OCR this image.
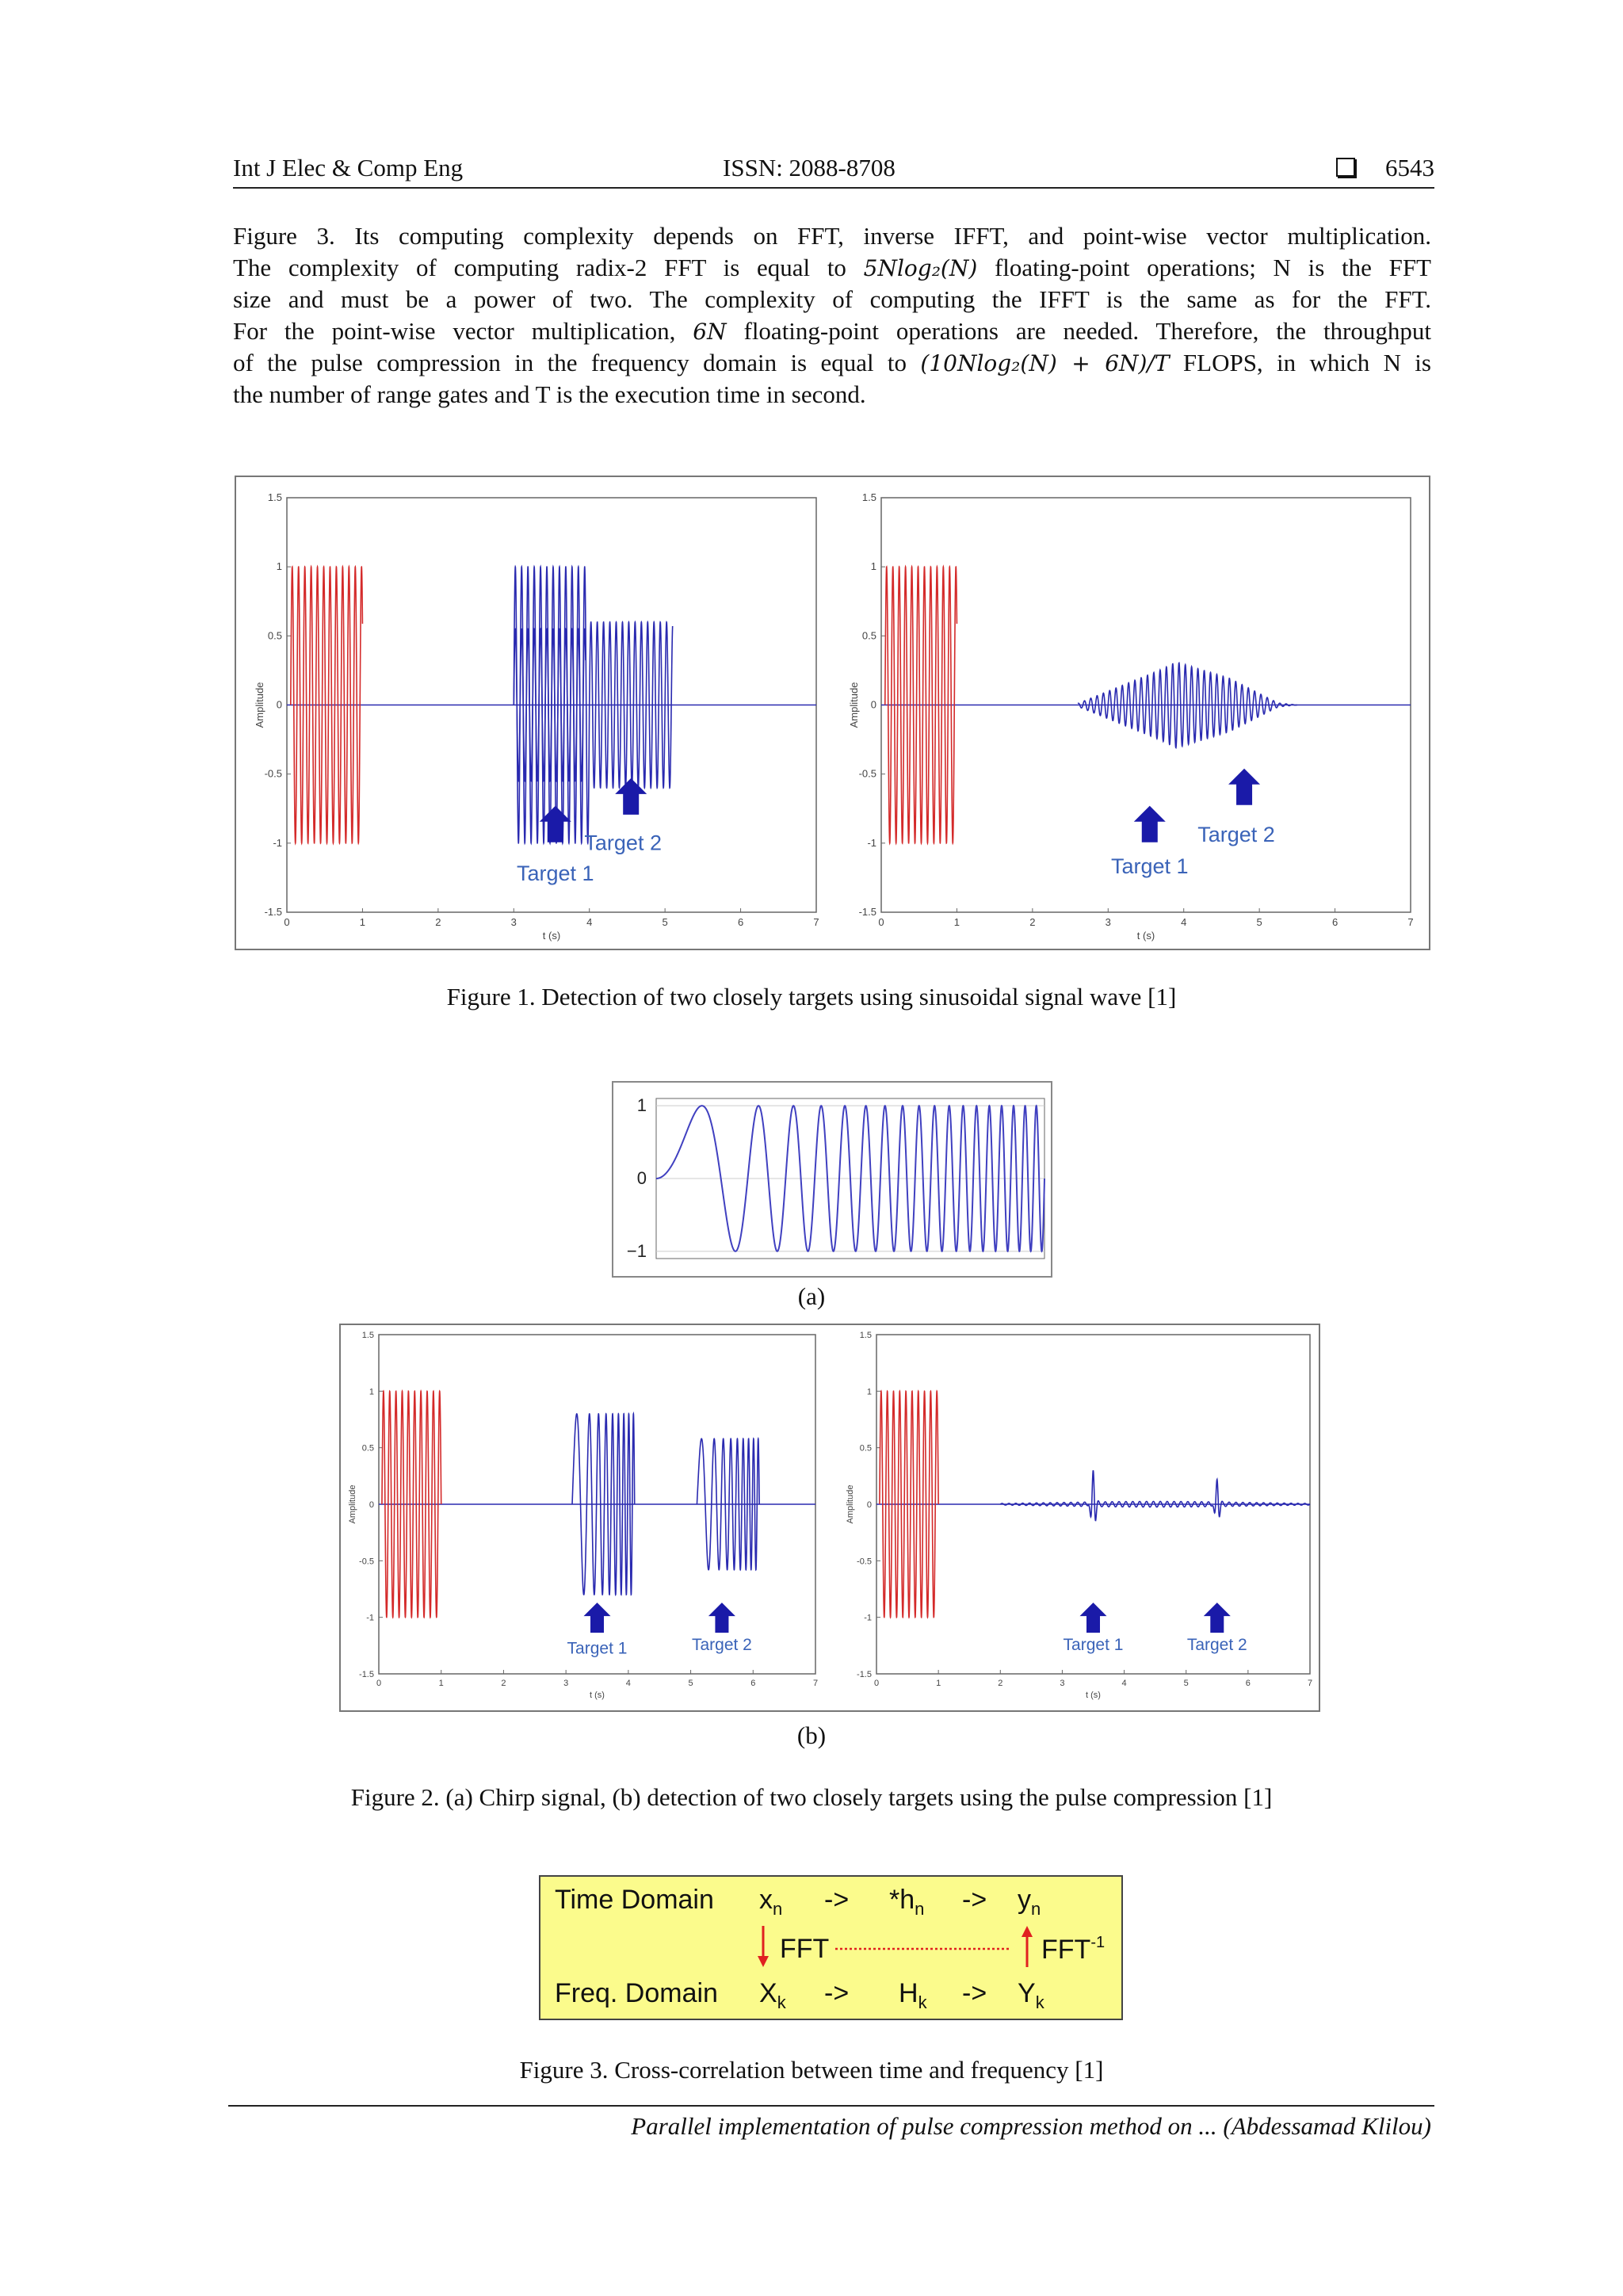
Int J Elec & Comp Eng	ISSN: 2088-8708	6543
Figure 3. Its computing complexity depends on FFT, inverse IFFT, and point-wise vector multiplication.
The complexity of computing radix-2 FFT is equal to 5Nlog₂(N) floating-point operations; N is the FFT
size and must be a power of two. The complexity of computing the IFFT is the same as for the FFT.
For the point-wise vector multiplication, 6N floating-point operations are needed. Therefore, the throughput
of the pulse compression in the frequency domain is equal to (10Nlog₂(N) + 6N)/T FLOPS, in which N is
the number of range gates and T is the execution time in second.
1.5
1
0.5
0
-0.5
-1
-1.5
0	1	2	3	4	5	6	7
t (s)
Amplitude
Target 1
Target 2
1.5
1
0.5
0
-0.5
-1
-1.5
0	1	2	3	4	5	6	7
t (s)
Amplitude
Target 1
Target 2
Figure 1. Detection of two closely targets using sinusoidal signal wave [1]
1
0
−1
(a)
1.5
1
0.5
0
-0.5
-1
-1.5
0	1	2	3	4	5	6	7
t (s)
Amplitude
Target 1	Target 2
1.5
1
0.5
0
-0.5
-1
-1.5
0	1	2	3	4	5	6	7
t (s)
Amplitude
Target 1	Target 2
(b)
Figure 2. (a) Chirp signal, (b) detection of two closely targets using the pulse compression [1]
Time Domain $x_n -> *h_n -> y_n$
FFT	$FFT^{-1}$
Freq. Domain $X_k -> H_k -> Y_k$
Figure 3. Cross-correlation between time and frequency [1]
Parallel implementation of pulse compression method on ... (Abdessamad Klilou)
